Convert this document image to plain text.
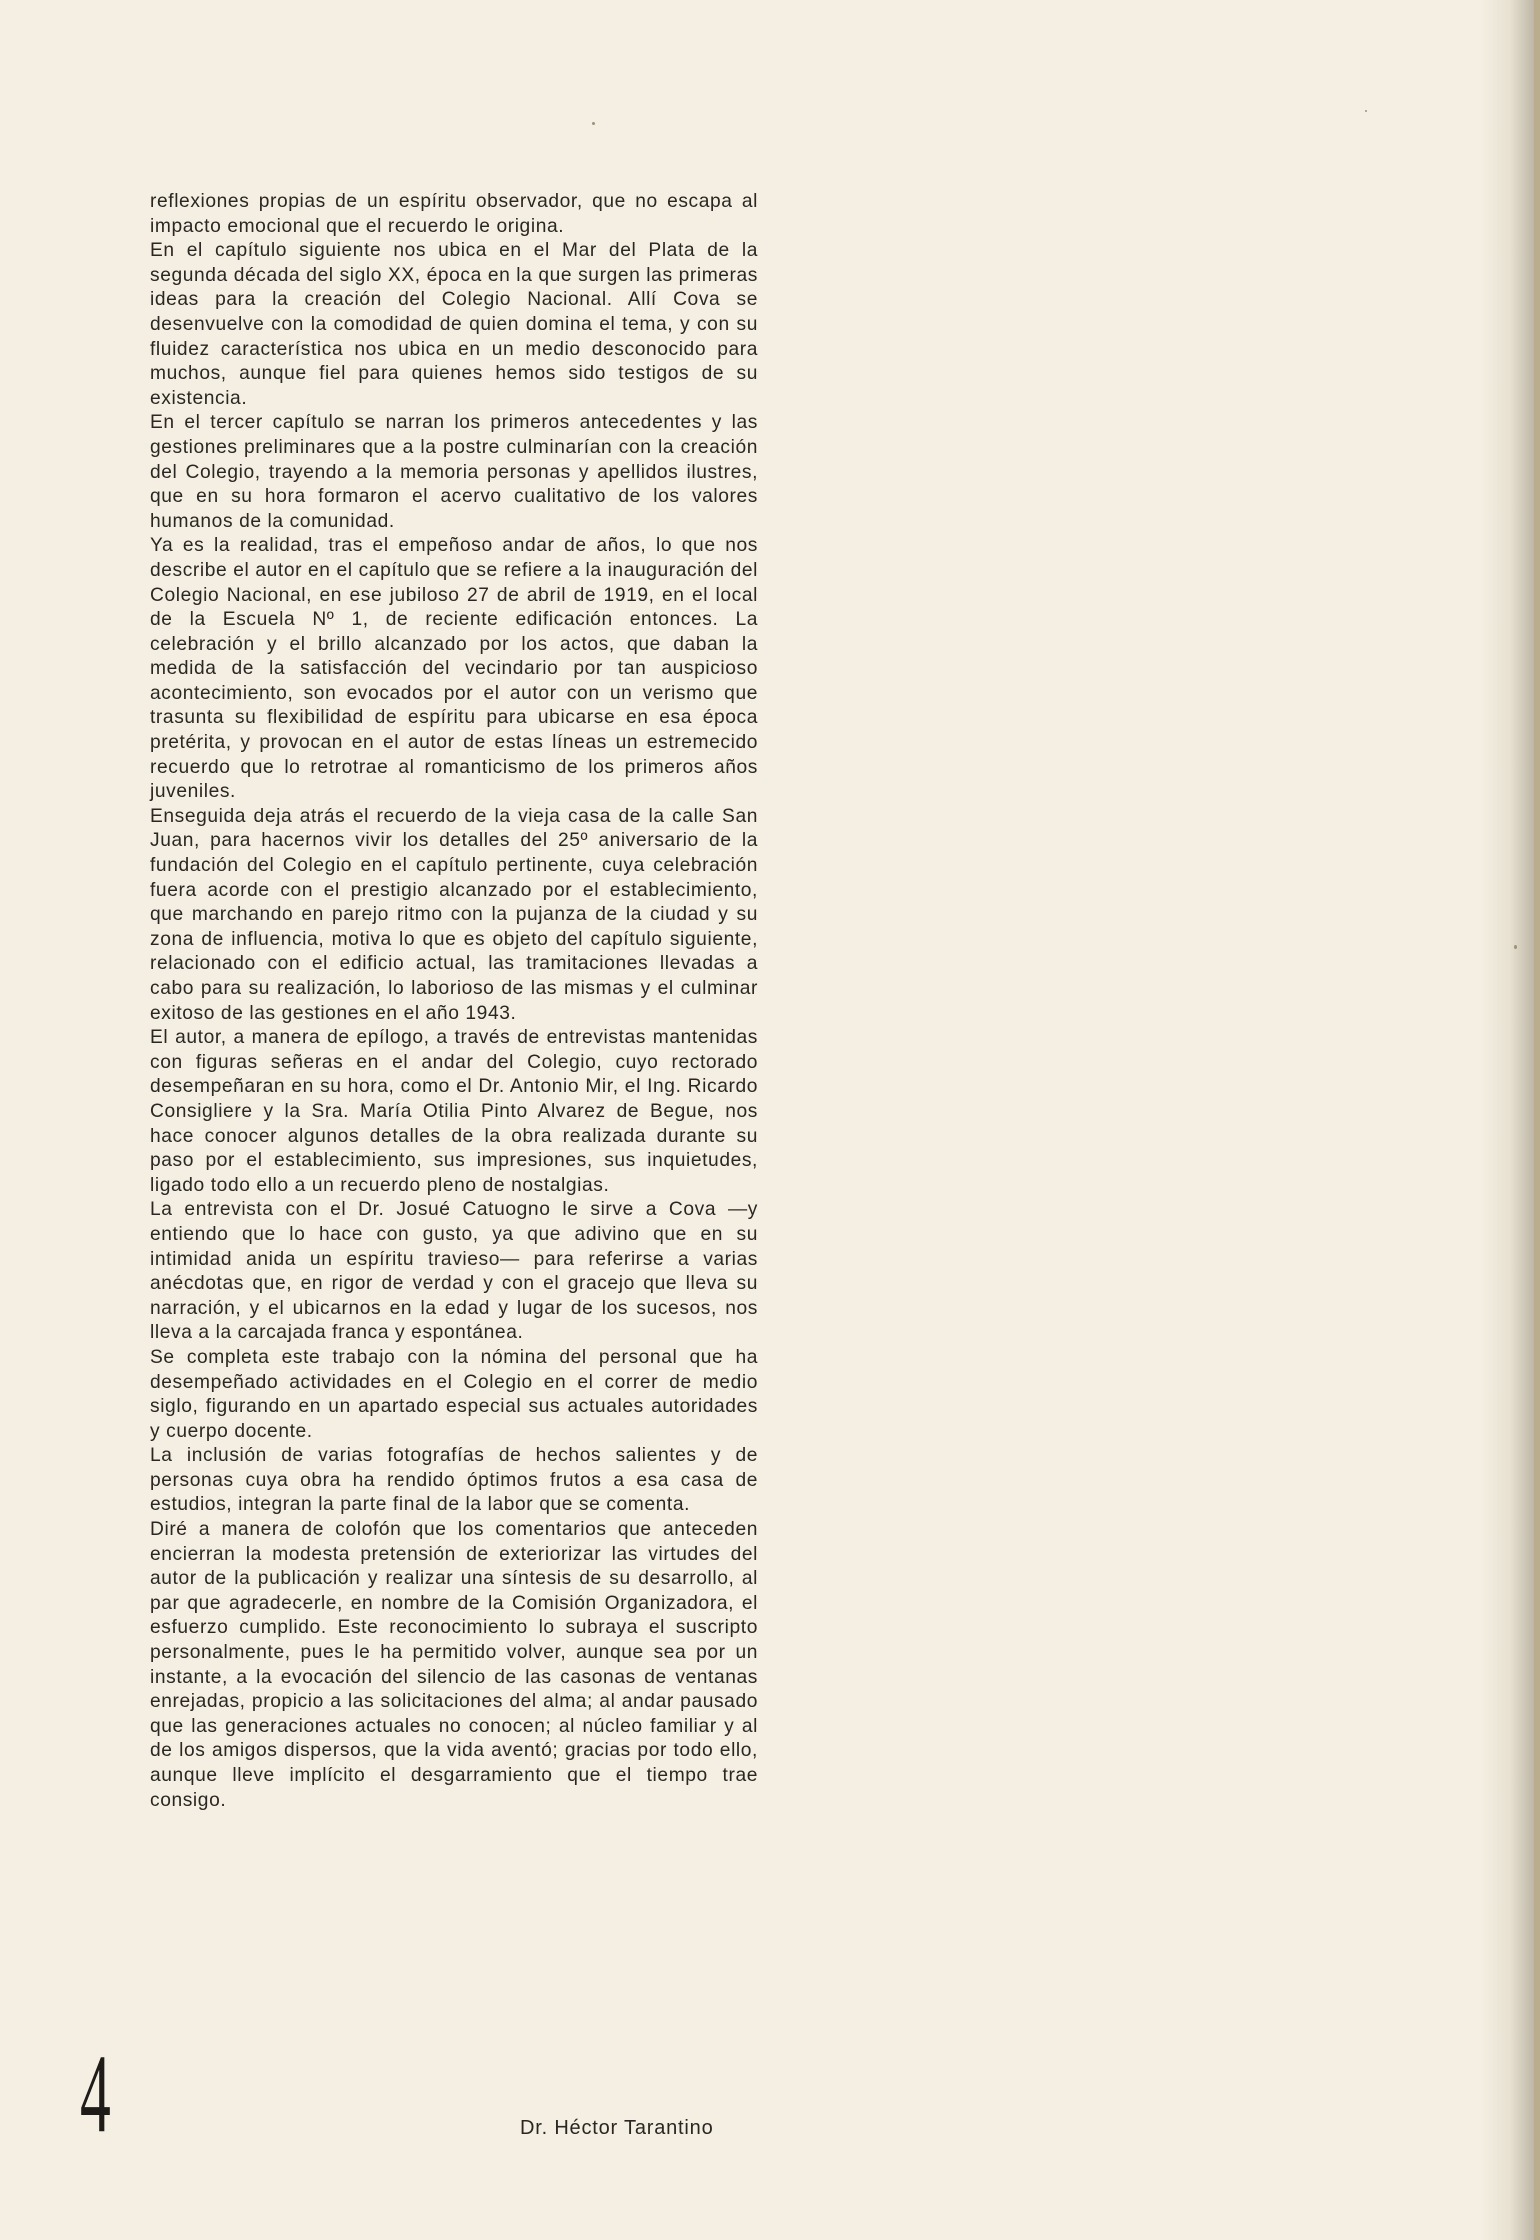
reflexiones propias de un espíritu observador, que no escapa al impacto emocional que el recuerdo le origina.

En el capítulo siguiente nos ubica en el Mar del Plata de la segunda década del siglo XX, época en la que surgen las primeras ideas para la creación del Colegio Nacional. Allí Cova se desenvuelve con la comodidad de quien domina el tema, y con su fluidez característica nos ubica en un medio desconocido para muchos, aunque fiel para quienes hemos sido testigos de su existencia.

En el tercer capítulo se narran los primeros antecedentes y las gestiones preliminares que a la postre culminarían con la creación del Colegio, trayendo a la memoria personas y apellidos ilustres, que en su hora formaron el acervo cualitativo de los valores humanos de la comunidad.

Ya es la realidad, tras el empeñoso andar de años, lo que nos describe el autor en el capítulo que se refiere a la inauguración del Colegio Nacional, en ese jubiloso 27 de abril de 1919, en el local de la Escuela Nº 1, de reciente edificación entonces. La celebración y el brillo alcanzado por los actos, que daban la medida de la satisfacción del vecindario por tan auspicioso acontecimiento, son evocados por el autor con un verismo que trasunta su flexibilidad de espíritu para ubicarse en esa época pretérita, y provocan en el autor de estas líneas un estremecido recuerdo que lo retrotrae al romanticismo de los primeros años juveniles.

Enseguida deja atrás el recuerdo de la vieja casa de la calle San Juan, para hacernos vivir los detalles del 25º aniversario de la fundación del Colegio en el capítulo pertinente, cuya celebración fuera acorde con el prestigio alcanzado por el establecimiento, que marchando en parejo ritmo con la pujanza de la ciudad y su zona de influencia, motiva lo que es objeto del capítulo siguiente, relacionado con el edificio actual, las tramitaciones llevadas a cabo para su realización, lo laborioso de las mismas y el culminar exitoso de las gestiones en el año 1943.

El autor, a manera de epílogo, a través de entrevistas mantenidas con figuras señeras en el andar del Colegio, cuyo rectorado desempeñaran en su hora, como el Dr. Antonio Mir, el Ing. Ricardo Consigliere y la Sra. María Otilia Pinto Alvarez de Begue, nos hace conocer algunos detalles de la obra realizada durante su paso por el establecimiento, sus impresiones, sus inquietudes, ligado todo ello a un recuerdo pleno de nostalgias.

La entrevista con el Dr. Josué Catuogno le sirve a Cova —y entiendo que lo hace con gusto, ya que adivino que en su intimidad anida un espíritu travieso— para referirse a varias anécdotas que, en rigor de verdad y con el gracejo que lleva su narración, y el ubicarnos en la edad y lugar de los sucesos, nos lleva a la carcajada franca y espontánea.

Se completa este trabajo con la nómina del personal que ha desempeñado actividades en el Colegio en el correr de medio siglo, figurando en un apartado especial sus actuales autoridades y cuerpo docente.

La inclusión de varias fotografías de hechos salientes y de personas cuya obra ha rendido óptimos frutos a esa casa de estudios, integran la parte final de la labor que se comenta.

Diré a manera de colofón que los comentarios que anteceden encierran la modesta pretensión de exteriorizar las virtudes del autor de la publicación y realizar una síntesis de su desarrollo, al par que agradecerle, en nombre de la Comisión Organizadora, el esfuerzo cumplido. Este reconocimiento lo subraya el suscripto personalmente, pues le ha permitido volver, aunque sea por un instante, a la evocación del silencio de las casonas de ventanas enrejadas, propicio a las solicitaciones del alma; al andar pausado que las generaciones actuales no conocen; al núcleo familiar y al de los amigos dispersos, que la vida aventó; gracias por todo ello, aunque lleve implícito el desgarramiento que el tiempo trae consigo.

4	Dr. Héctor Tarantino
